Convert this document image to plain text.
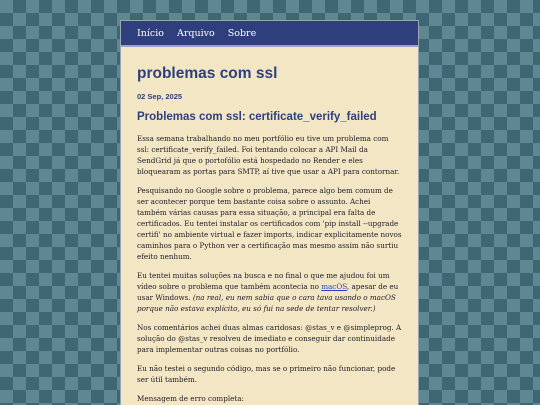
Início Arquivo Sobre
problemas com ssl
02 Sep, 2025
Problemas com ssl: certificate_verify_failed

Essa semana trabalhando no meu portfólio eu tive um problema com ssl: certificate_verify_failed. Foi tentando colocar a API Mail da SendGrid já que o portofólio está hospedado no Render e eles bloquearam as portas para SMTP, aí tive que usar a API para contornar.

Pesquisando no Google sobre o problema, parece algo bem comum de ser acontecer porque tem bastante coisa sobre o assunto. Achei também várias causas para essa situação, a principal era falta de certificados. Eu tentei instalar os certificados com 'pip install --upgrade certifi' no ambiente virtual e fazer imports, indicar explicitamente novos caminhos para o Python ver a certificação mas mesmo assim não surtiu efeito nenhum.

Eu tentei muitas soluções na busca e no final o que me ajudou foi um vídeo sobre o problema que também acontecia no macOS, apesar de eu usar Windows. (na real, eu nem sabia que o cara tava usando o macOS porque não estava explícito, eu só fui na sede de tentar resolver.)

Nos comentários achei duas almas caridosas: @stas_v e @simpleprog. A solução do @stas_v resolveu de imediato e conseguir dar continuidade para implementar outras coisas no portfólio.

Eu não testei o segundo código, mas se o primeiro não funcionar, pode ser útil também.

Mensagem de erro completa:
